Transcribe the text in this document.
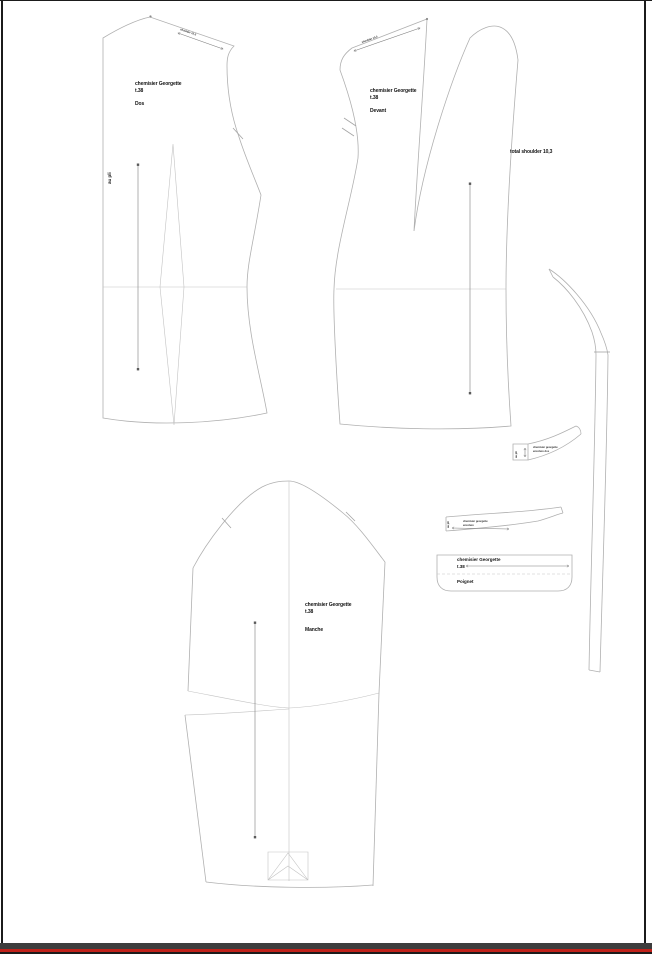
shoulder 10,3
chemisier Georgette
t.38
Dos
au pli
shoulder 10,3
chemisier Georgette
t.38
Devant
total shoulder 10,3
chemisier Georgette
t.38
Manche
chemisier georgette
encolure dos
au pli
chemisier georgette
encolure
au pli
chemisier Georgette
t.38
Poignet
